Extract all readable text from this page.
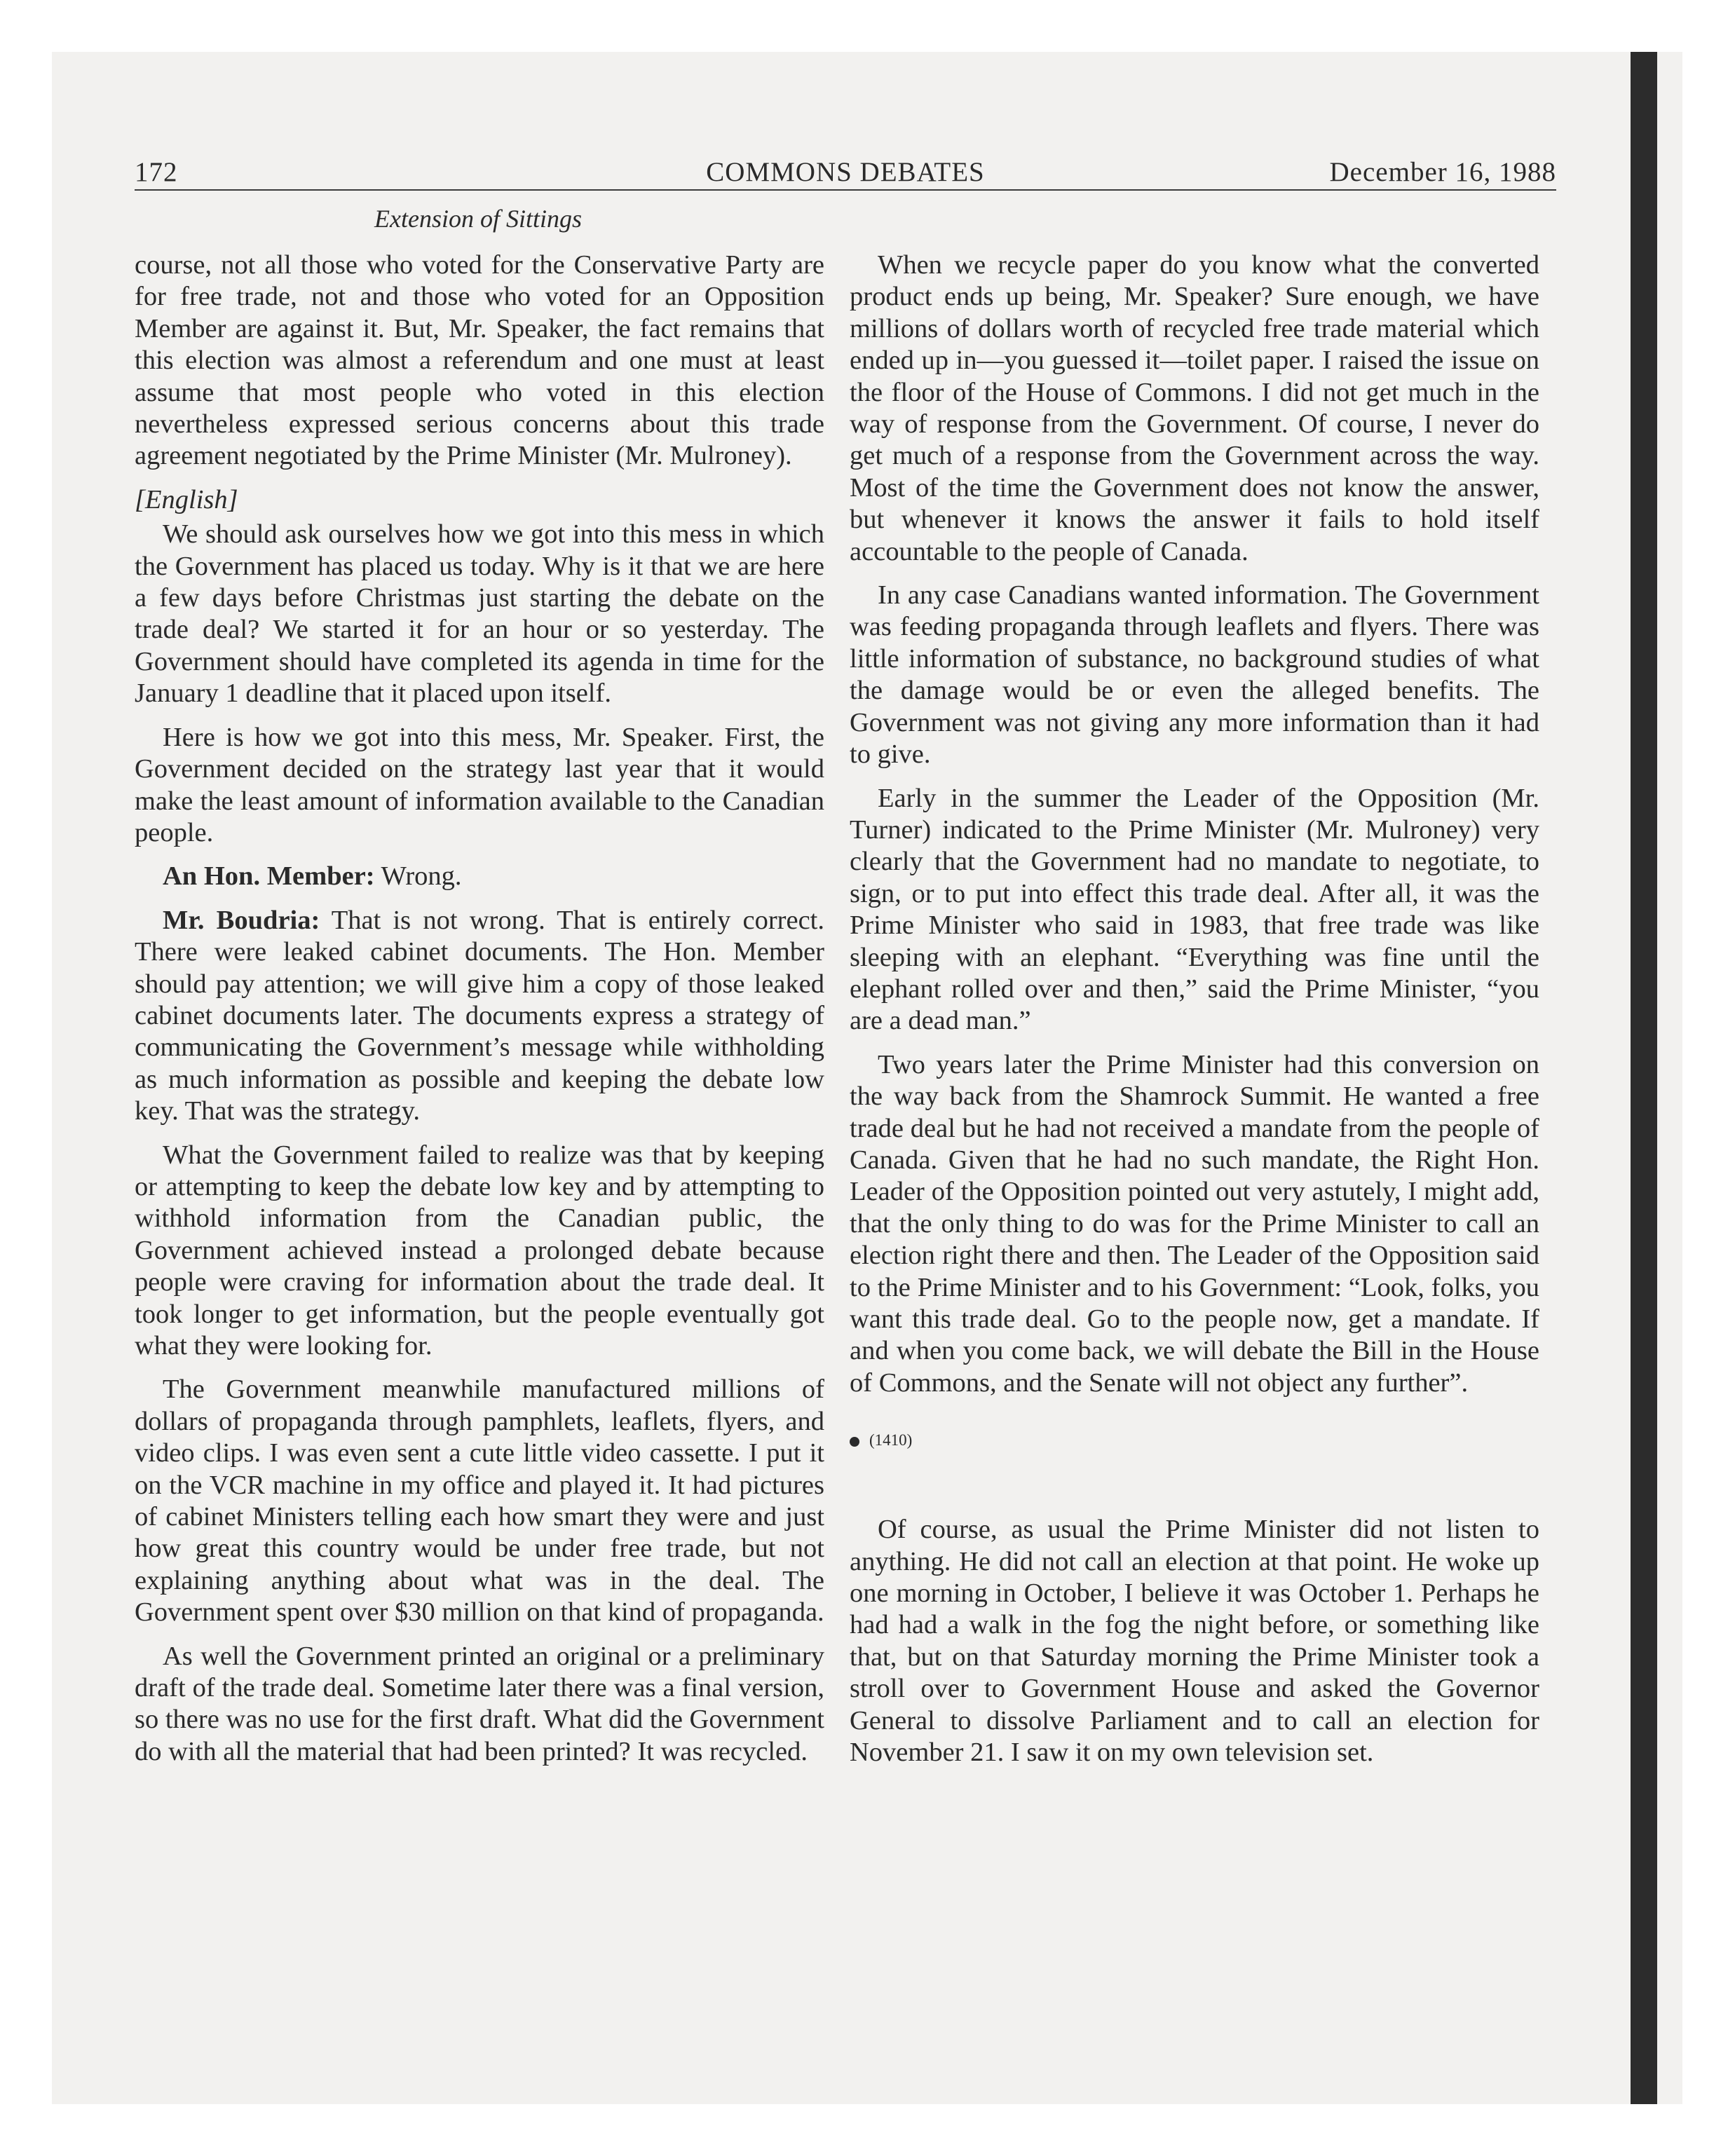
172	COMMONS DEBATES	December 16, 1988
Extension of Sittings

course, not all those who voted for the Conservative Party are for free trade, not and those who voted for an Opposition Member are against it. But, Mr. Speaker, the fact remains that this election was almost a referendum and one must at least assume that most people who voted in this election nevertheless expressed serious concerns about this trade agreement negotiated by the Prime Minister (Mr. Mulroney).

[English]

We should ask ourselves how we got into this mess in which the Government has placed us today. Why is it that we are here a few days before Christmas just starting the debate on the trade deal? We started it for an hour or so yesterday. The Government should have completed its agenda in time for the January 1 deadline that it placed upon itself.

Here is how we got into this mess, Mr. Speaker. First, the Government decided on the strategy last year that it would make the least amount of information available to the Canadian people.

An Hon. Member: Wrong.

Mr. Boudria: That is not wrong. That is entirely correct. There were leaked cabinet documents. The Hon. Member should pay attention; we will give him a copy of those leaked cabinet documents later. The documents express a strategy of communicating the Government’s message while withholding as much information as possible and keeping the debate low key. That was the strategy.

What the Government failed to realize was that by keeping or attempting to keep the debate low key and by attempting to withhold information from the Canadian public, the Government achieved instead a prolonged debate because people were craving for information about the trade deal. It took longer to get information, but the people eventually got what they were looking for.

The Government meanwhile manufactured millions of dollars of propaganda through pamphlets, leaflets, flyers, and video clips. I was even sent a cute little video cassette. I put it on the VCR machine in my office and played it. It had pictures of cabinet Ministers telling each how smart they were and just how great this country would be under free trade, but not explaining anything about what was in the deal. The Government spent over $30 million on that kind of propaganda.

As well the Government printed an original or a preliminary draft of the trade deal. Sometime later there was a final version, so there was no use for the first draft. What did the Government do with all the material that had been printed? It was recycled.

When we recycle paper do you know what the converted product ends up being, Mr. Speaker? Sure enough, we have millions of dollars worth of recycled free trade material which ended up in—you guessed it—toilet paper. I raised the issue on the floor of the House of Commons. I did not get much in the way of response from the Government. Of course, I never do get much of a response from the Government across the way. Most of the time the Government does not know the answer, but whenever it knows the answer it fails to hold itself accountable to the people of Canada.

In any case Canadians wanted information. The Government was feeding propaganda through leaflets and flyers. There was little information of substance, no background studies of what the damage would be or even the alleged benefits. The Government was not giving any more information than it had to give.

Early in the summer the Leader of the Opposition (Mr. Turner) indicated to the Prime Minister (Mr. Mulroney) very clearly that the Government had no mandate to negotiate, to sign, or to put into effect this trade deal. After all, it was the Prime Minister who said in 1983, that free trade was like sleeping with an elephant. “Everything was fine until the elephant rolled over and then,” said the Prime Minister, “you are a dead man.”

Two years later the Prime Minister had this conversion on the way back from the Shamrock Summit. He wanted a free trade deal but he had not received a mandate from the people of Canada. Given that he had no such mandate, the Right Hon. Leader of the Opposition pointed out very astutely, I might add, that the only thing to do was for the Prime Minister to call an election right there and then. The Leader of the Opposition said to the Prime Minister and to his Government: “Look, folks, you want this trade deal. Go to the people now, get a mandate. If and when you come back, we will debate the Bill in the House of Commons, and the Senate will not object any further”.

(1410)

Of course, as usual the Prime Minister did not listen to anything. He did not call an election at that point. He woke up one morning in October, I believe it was October 1. Perhaps he had had a walk in the fog the night before, or something like that, but on that Saturday morning the Prime Minister took a stroll over to Government House and asked the Governor General to dissolve Parliament and to call an election for November 21. I saw it on my own television set.
